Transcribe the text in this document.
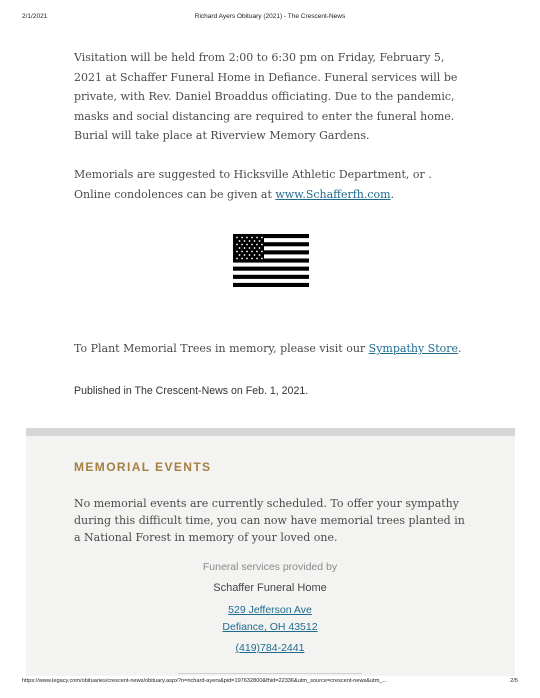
2/1/2021	Richard Ayers Obituary (2021) - The Crescent-News
Visitation will be held from 2:00 to 6:30 pm on Friday, February 5, 2021 at Schaffer Funeral Home in Defiance. Funeral services will be private, with Rev. Daniel Broaddus officiating. Due to the pandemic, masks and social distancing are required to enter the funeral home. Burial will take place at Riverview Memory Gardens.
Memorials are suggested to Hicksville Athletic Department, or . Online condolences can be given at www.Schafferfh.com.
To Plant Memorial Trees in memory, please visit our Sympathy Store.
Published in The Crescent-News on Feb. 1, 2021.
MEMORIAL EVENTS
No memorial events are currently scheduled. To offer your sympathy during this difficult time, you can now have memorial trees planted in a National Forest in memory of your loved one.
Funeral services provided by
Schaffer Funeral Home
529 Jefferson Ave
Defiance, OH 43512
(419)784-2441
https://www.legacy.com/obituaries/crescent-news/obituary.aspx?n=richard-ayers&pid=197632800&fhid=22336&utm_source=crescent-news&utm_...	2/5
